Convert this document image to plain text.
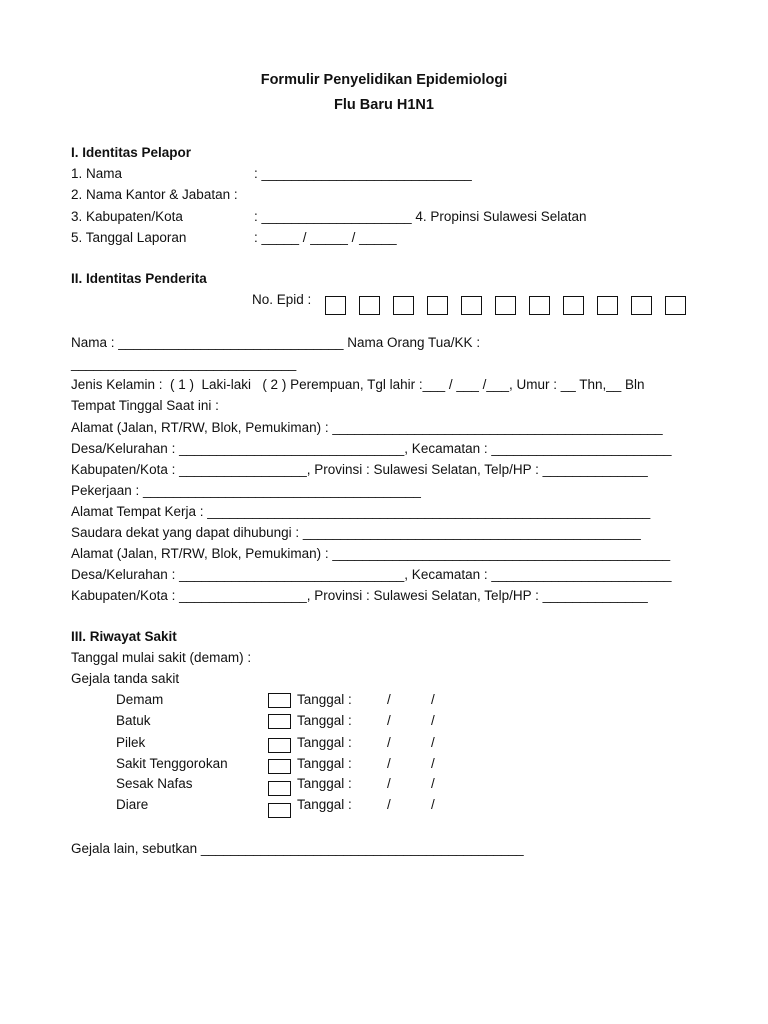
Formulir Penyelidikan Epidemiologi
Flu Baru H1N1
I. Identitas Pelapor
1. Nama	: ____________________________
2. Nama Kantor & Jabatan :
3. Kabupaten/Kota	: ____________________ 4. Propinsi Sulawesi Selatan
5. Tanggal Laporan	: _____ / _____ / _____
II. Identitas Penderita
No. Epid :
Nama : ______________________________ Nama Orang Tua/KK :
______________________________
Jenis Kelamin :  ( 1 )  Laki-laki   ( 2 ) Perempuan, Tgl lahir :___ / ___ /___, Umur : __ Thn,__ Bln
Tempat Tinggal Saat ini :
Alamat (Jalan, RT/RW, Blok, Pemukiman) : ____________________________________________
Desa/Kelurahan : ______________________________, Kecamatan : ________________________
Kabupaten/Kota : _________________, Provinsi : Sulawesi Selatan, Telp/HP : ______________
Pekerjaan : _____________________________________
Alamat Tempat Kerja : ___________________________________________________________
Saudara dekat yang dapat dihubungi : _____________________________________________
Alamat (Jalan, RT/RW, Blok, Pemukiman) : _____________________________________________
Desa/Kelurahan : ______________________________, Kecamatan : ________________________
Kabupaten/Kota : _________________, Provinsi : Sulawesi Selatan, Telp/HP : ______________
III. Riwayat Sakit
Tanggal mulai sakit (demam) :
Gejala tanda sakit
Demam	Tanggal :	/	/
Batuk	Tanggal :	/	/
Pilek	Tanggal :	/	/
Sakit Tenggorokan	Tanggal :	/	/
Sesak Nafas	Tanggal :	/	/
Diare	Tanggal :	/	/
Gejala lain, sebutkan ___________________________________________
